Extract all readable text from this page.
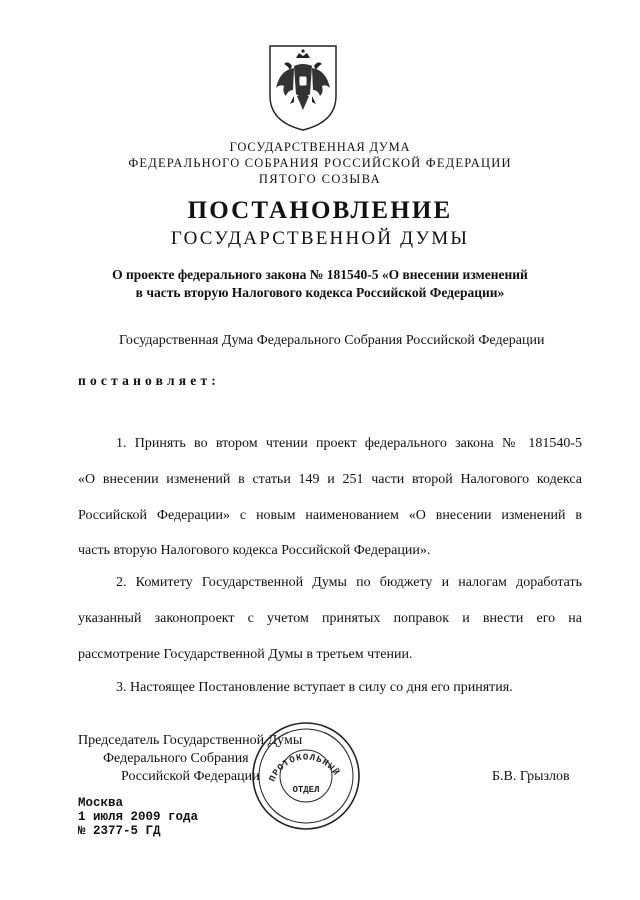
ГОСУДАРСТВЕННАЯ ДУМА
ФЕДЕРАЛЬНОГО СОБРАНИЯ РОССИЙСКОЙ ФЕДЕРАЦИИ
ПЯТОГО СОЗЫВА
ПОСТАНОВЛЕНИЕ
ГОСУДАРСТВЕННОЙ ДУМЫ
О проекте федерального закона № 181540-5 «О внесении изменений
в часть вторую Налогового кодекса Российской Федерации»
Государственная Дума Федерального Собрания Российской Федерации
постановляет:
1. Принять во втором чтении проект федерального закона № 181540-5
«О внесении изменений в статьи 149 и 251 части второй Налогового кодекса
Российской Федерации» с новым наименованием «О внесении изменений в
часть вторую Налогового кодекса Российской Федерации».
2. Комитету Государственной Думы по бюджету и налогам доработать
указанный законопроект с учетом принятых поправок и внести его на
рассмотрение Государственной Думы в третьем чтении.
3. Настоящее Постановление вступает в силу со дня его принятия.
Председатель Государственной Думы
Федерального Собрания
Российской Федерации	Б.В. Грызлов
Москва
1 июля 2009 года
№ 2377-5 ГД
ПРОТОКОЛЬНЫЙ
ОТДЕЛ
